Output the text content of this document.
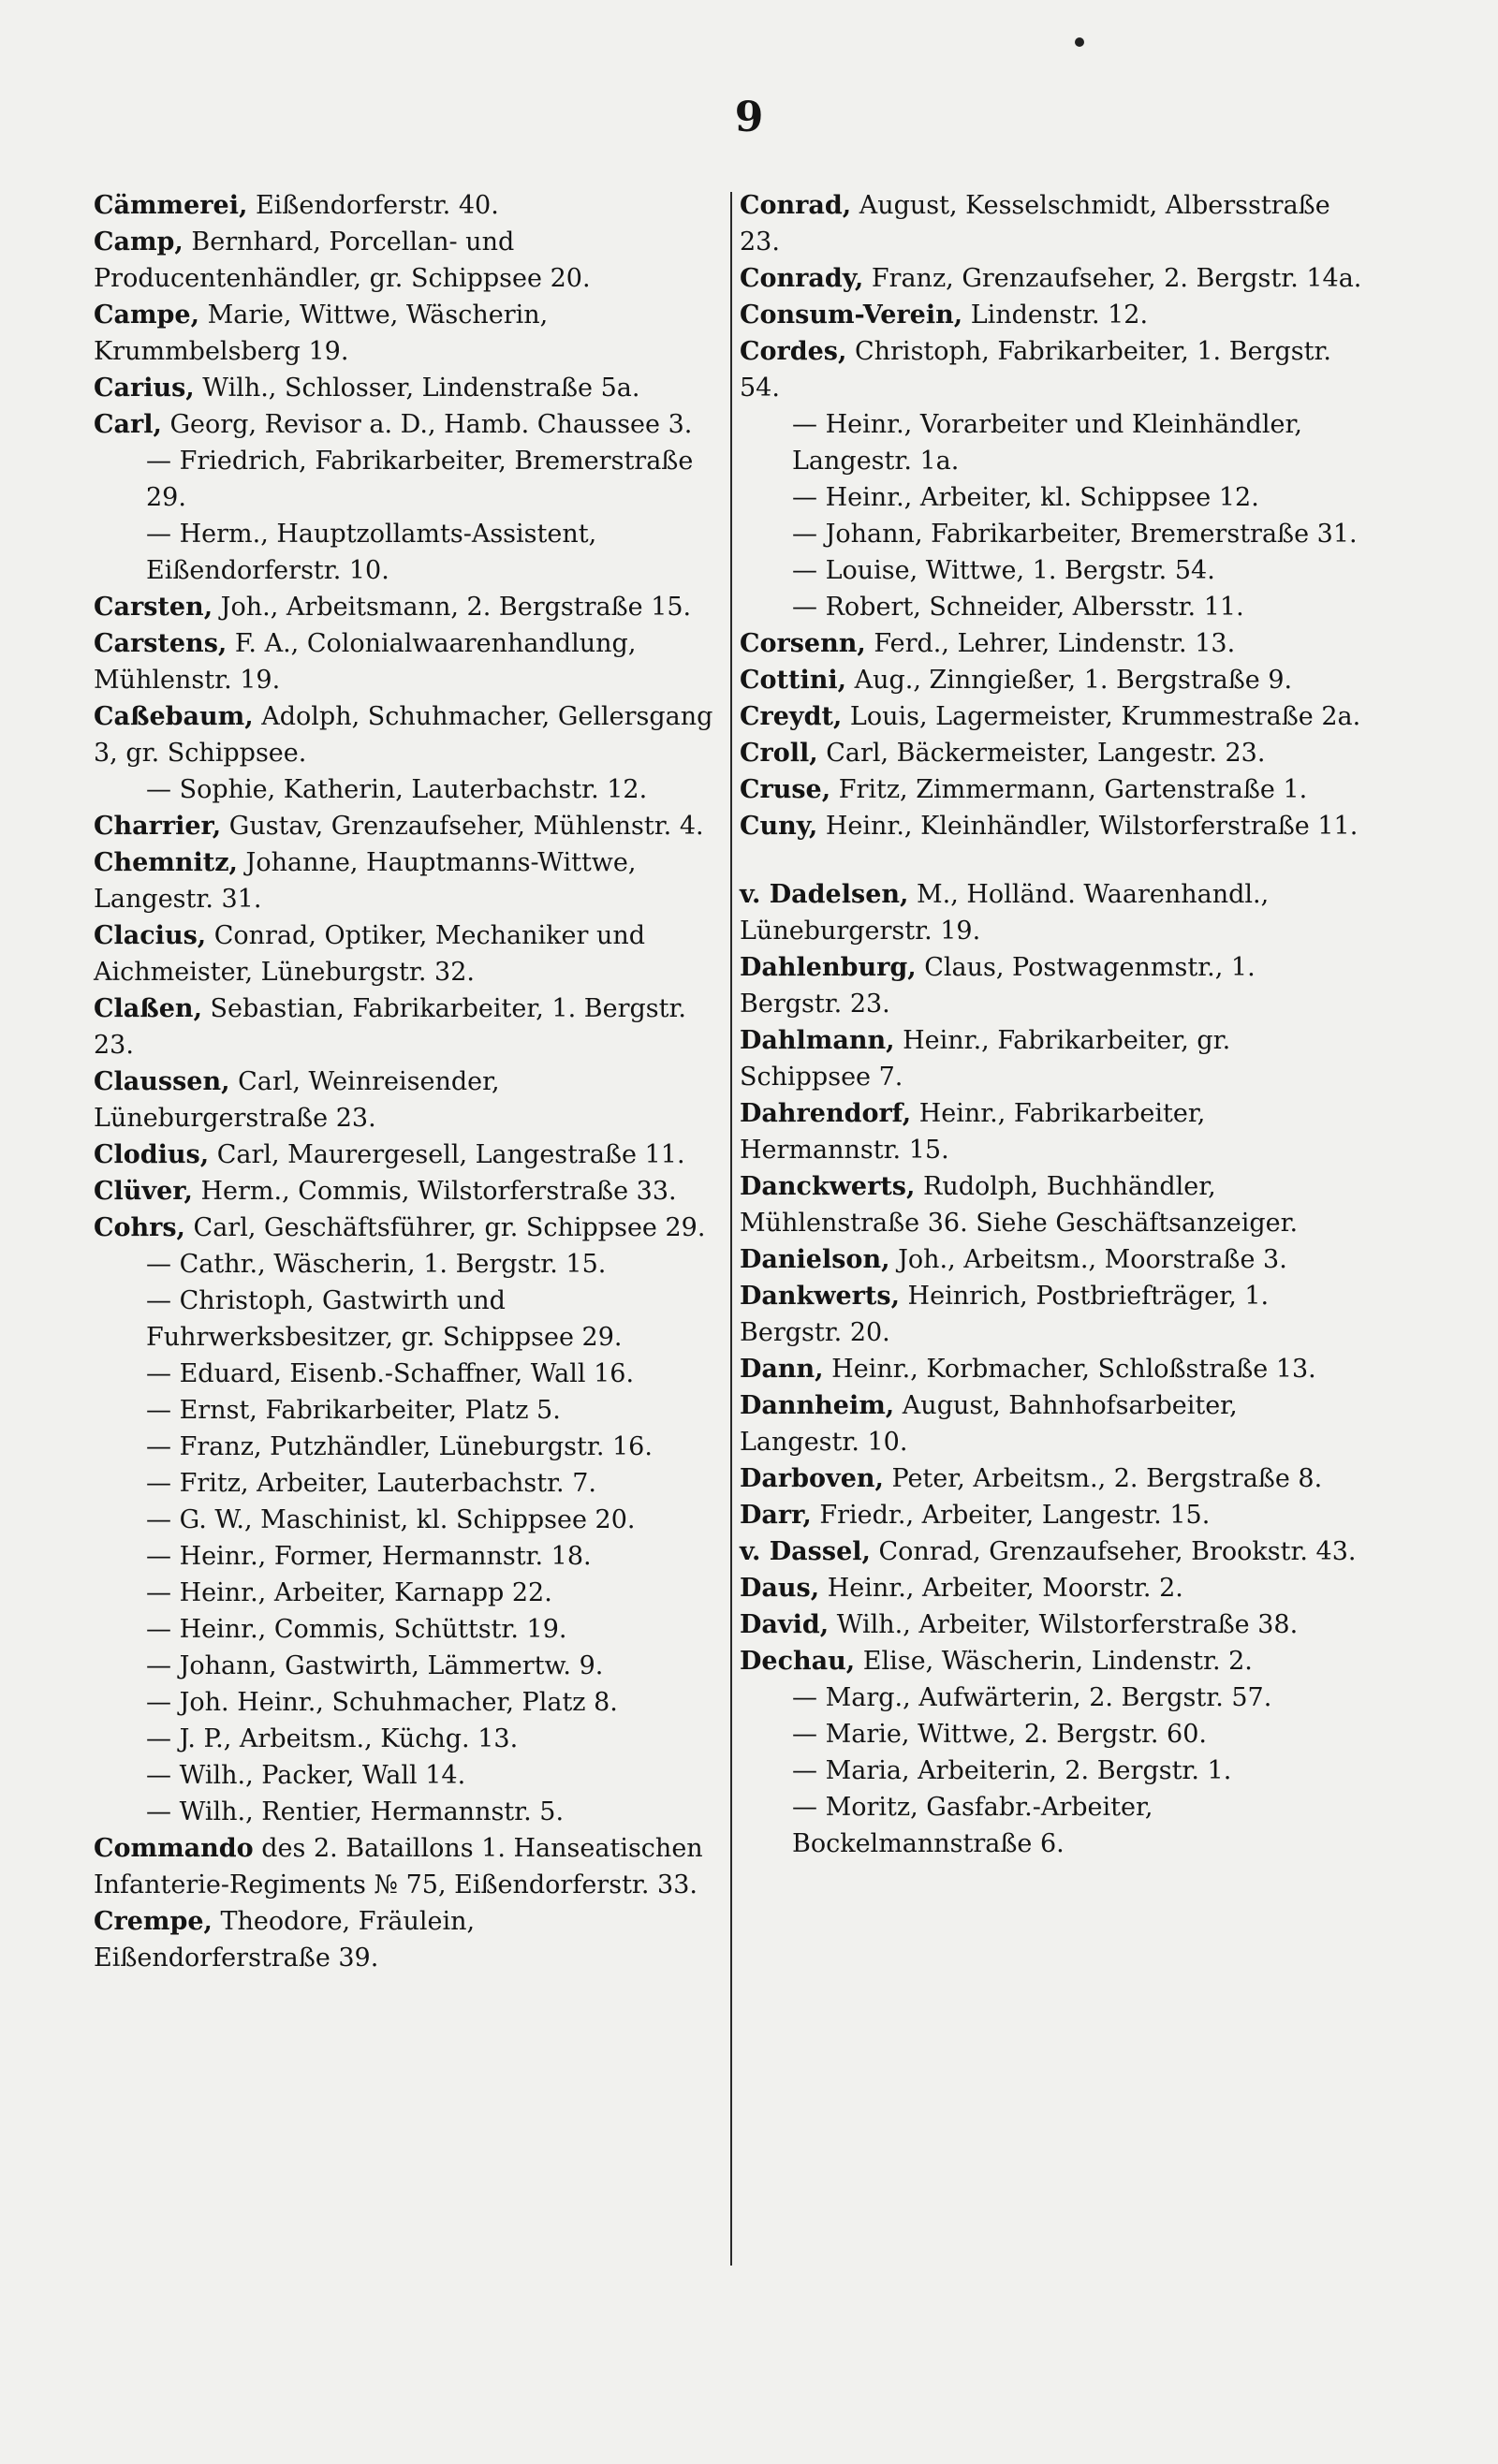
9
Cämmerei, Eißendorferstr. 40.
Camp, Bernhard, Porcellan- und Producentenhändler, gr. Schippsee 20.
Campe, Marie, Wittwe, Wäscherin, Krummbelsberg 19.
Carius, Wilh., Schlosser, Lindenstraße 5a.
Carl, Georg, Revisor a. D., Hamb. Chaussee 3.
— Friedrich, Fabrikarbeiter, Bremerstraße 29.
— Herm., Hauptzollamts-Assistent, Eißendorferstr. 10.
Carsten, Joh., Arbeitsmann, 2. Bergstraße 15.
Carstens, F. A., Colonialwaarenhandlung, Mühlenstr. 19.
Caßebaum, Adolph, Schuhmacher, Gellersgang 3, gr. Schippsee.
— Sophie, Katherin, Lauterbachstr. 12.
Charrier, Gustav, Grenzaufseher, Mühlenstr. 4.
Chemnitz, Johanne, Hauptmanns-Wittwe, Langestr. 31.
Clacius, Conrad, Optiker, Mechaniker und Aichmeister, Lüneburgstr. 32.
Claßen, Sebastian, Fabrikarbeiter, 1. Bergstr. 23.
Claussen, Carl, Weinreisender, Lüneburgerstraße 23.
Clodius, Carl, Maurergesell, Langestraße 11.
Clüver, Herm., Commis, Wilstorferstraße 33.
Cohrs, Carl, Geschäftsführer, gr. Schippsee 29.
— Cathr., Wäscherin, 1. Bergstr. 15.
— Christoph, Gastwirth und Fuhrwerksbesitzer, gr. Schippsee 29.
— Eduard, Eisenb.-Schaffner, Wall 16.
— Ernst, Fabrikarbeiter, Platz 5.
— Franz, Putzhändler, Lüneburgstr. 16.
— Fritz, Arbeiter, Lauterbachstr. 7.
— G. W., Maschinist, kl. Schippsee 20.
— Heinr., Former, Hermannstr. 18.
— Heinr., Arbeiter, Karnapp 22.
— Heinr., Commis, Schüttstr. 19.
— Johann, Gastwirth, Lämmertw. 9.
— Joh. Heinr., Schuhmacher, Platz 8.
— J. P., Arbeitsm., Küchg. 13.
— Wilh., Packer, Wall 14.
— Wilh., Rentier, Hermannstr. 5.
Commando des 2. Bataillons 1. Hanseatischen Infanterie-Regiments № 75, Eißendorferstr. 33.
Crempe, Theodore, Fräulein, Eißendorferstraße 39.
Conrad, August, Kesselschmidt, Albersstraße 23.
Conrady, Franz, Grenzaufseher, 2. Bergstr. 14a.
Consum-Verein, Lindenstr. 12.
Cordes, Christoph, Fabrikarbeiter, 1. Bergstr. 54.
— Heinr., Vorarbeiter und Kleinhändler, Langestr. 1a.
— Heinr., Arbeiter, kl. Schippsee 12.
— Johann, Fabrikarbeiter, Bremerstraße 31.
— Louise, Wittwe, 1. Bergstr. 54.
— Robert, Schneider, Albersstr. 11.
Corsenn, Ferd., Lehrer, Lindenstr. 13.
Cottini, Aug., Zinngießer, 1. Bergstraße 9.
Creydt, Louis, Lagermeister, Krummestraße 2a.
Croll, Carl, Bäckermeister, Langestr. 23.
Cruse, Fritz, Zimmermann, Gartenstraße 1.
Cuny, Heinr., Kleinhändler, Wilstorferstraße 11.
v. Dadelsen, M., Holländ. Waarenhandl., Lüneburgerstr. 19.
Dahlenburg, Claus, Postwagenmstr., 1. Bergstr. 23.
Dahlmann, Heinr., Fabrikarbeiter, gr. Schippsee 7.
Dahrendorf, Heinr., Fabrikarbeiter, Hermannstr. 15.
Danckwerts, Rudolph, Buchhändler, Mühlenstraße 36. Siehe Geschäftsanzeiger.
Danielson, Joh., Arbeitsm., Moorstraße 3.
Dankwerts, Heinrich, Postbriefträger, 1. Bergstr. 20.
Dann, Heinr., Korbmacher, Schloßstraße 13.
Dannheim, August, Bahnhofsarbeiter, Langestr. 10.
Darboven, Peter, Arbeitsm., 2. Bergstraße 8.
Darr, Friedr., Arbeiter, Langestr. 15.
v. Dassel, Conrad, Grenzaufseher, Brookstr. 43.
Daus, Heinr., Arbeiter, Moorstr. 2.
David, Wilh., Arbeiter, Wilstorferstraße 38.
Dechau, Elise, Wäscherin, Lindenstr. 2.
— Marg., Aufwärterin, 2. Bergstr. 57.
— Marie, Wittwe, 2. Bergstr. 60.
— Maria, Arbeiterin, 2. Bergstr. 1.
— Moritz, Gasfabr.-Arbeiter, Bockelmannstraße 6.
